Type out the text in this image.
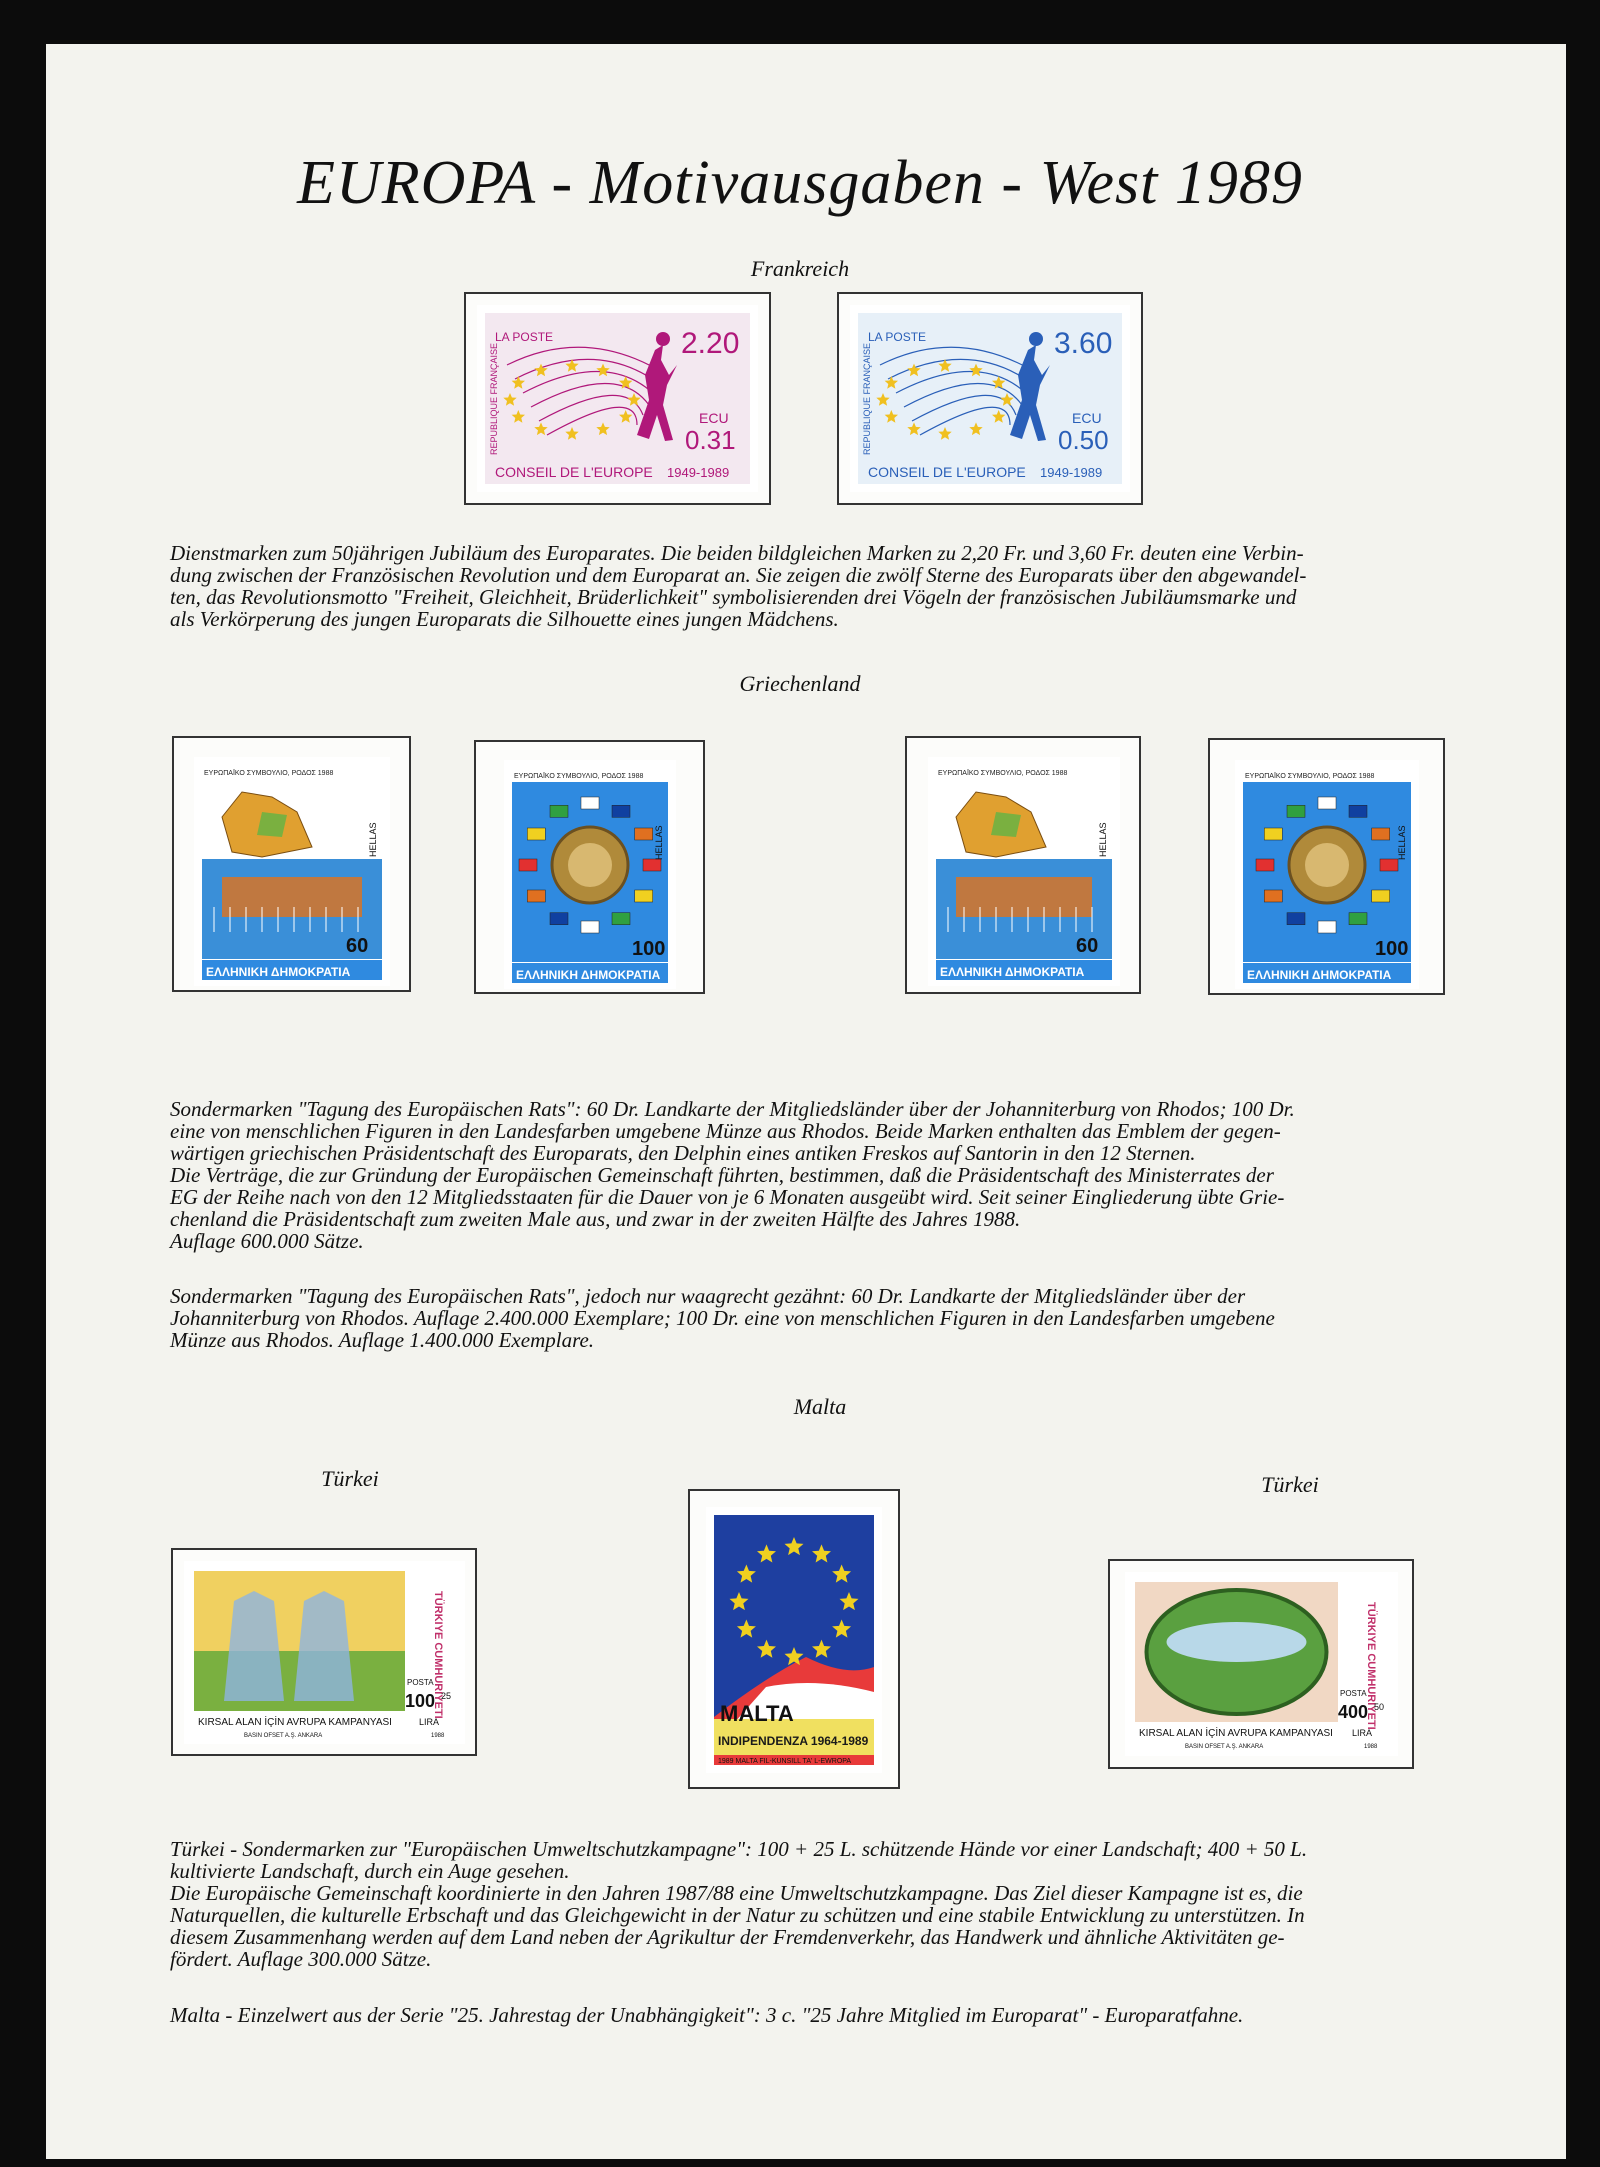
EUROPA - Motivausgaben - West 1989
Frankreich
LA POSTE
REPUBLIQUE FRANÇAISE	2.20
ECU
0.31
CONSEIL DE L'EUROPE 1949-1989
LA POSTE
REPUBLIQUE FRANÇAISE	3.60
ECU
0.50
CONSEIL DE L'EUROPE 1949-1989
Dienstmarken zum 50jährigen Jubiläum des Europarates. Die beiden bildgleichen Marken zu 2,20 Fr. und 3,60 Fr. deuten eine Verbin-
dung zwischen der Französischen Revolution und dem Europarat an. Sie zeigen die zwölf Sterne des Europarats über den abgewandel-
ten, das Revolutionsmotto "Freiheit, Gleichheit, Brüderlichkeit" symbolisierenden drei Vögeln der französischen Jubiläumsmarke und
als Verkörperung des jungen Europarats die Silhouette eines jungen Mädchens.
Griechenland
ΕΥΡΩΠΑΪΚΟ ΣΥΜΒΟΥΛΙΟ, ΡΟΔΟΣ 1988
ΕΛΛΗΝΙΚΗ ΔΗΜΟΚΡΑΤΙΑ
60
HELLAS
ΕΥΡΩΠΑΪΚΟ ΣΥΜΒΟΥΛΙΟ, ΡΟΔΟΣ 1988
ΕΛΛΗΝΙΚΗ ΔΗΜΟΚΡΑΤΙΑ
100
HELLAS
ΕΥΡΩΠΑΪΚΟ ΣΥΜΒΟΥΛΙΟ, ΡΟΔΟΣ 1988
ΕΛΛΗΝΙΚΗ ΔΗΜΟΚΡΑΤΙΑ
60
HELLAS
ΕΥΡΩΠΑΪΚΟ ΣΥΜΒΟΥΛΙΟ, ΡΟΔΟΣ 1988
ΕΛΛΗΝΙΚΗ ΔΗΜΟΚΡΑΤΙΑ
100
HELLAS
Sondermarken "Tagung des Europäischen Rats": 60 Dr. Landkarte der Mitgliedsländer über der Johanniterburg von Rhodos; 100 Dr.
eine von menschlichen Figuren in den Landesfarben umgebene Münze aus Rhodos. Beide Marken enthalten das Emblem der gegen-
wärtigen griechischen Präsidentschaft des Europarats, den Delphin eines antiken Freskos auf Santorin in den 12 Sternen.
Die Verträge, die zur Gründung der Europäischen Gemeinschaft führten, bestimmen, daß die Präsidentschaft des Ministerrates der
EG der Reihe nach von den 12 Mitgliedsstaaten für die Dauer von je 6 Monaten ausgeübt wird. Seit seiner Eingliederung übte Grie-
chenland die Präsidentschaft zum zweiten Male aus, und zwar in der zweiten Hälfte des Jahres 1988.
Auflage 600.000 Sätze.
Sondermarken "Tagung des Europäischen Rats", jedoch nur waagrecht gezähnt: 60 Dr. Landkarte der Mitgliedsländer über der
Johanniterburg von Rhodos. Auflage 2.400.000 Exemplare; 100 Dr. eine von menschlichen Figuren in den Landesfarben umgebene
Münze aus Rhodos. Auflage 1.400.000 Exemplare.
Malta
Türkei	Türkei
KIRSAL ALAN İÇİN AVRUPA KAMPANYASI
BASIN OFSET A.Ş. ANKARA	1988
TÜRKIYE CUMHURIYETI
POSTA
100 25
LIRA	MALTA 3c
INDIPENDENZA 1964-1989
1989 MALTA FIL-KUNSILL TA' L-EWROPA
KIRSAL ALAN İÇİN AVRUPA KAMPANYASI
BASIN OFSET A.Ş. ANKARA	1988
TÜRKIYE CUMHURIYETI
POSTA
400 50
LIRA
Türkei - Sondermarken zur "Europäischen Umweltschutzkampagne": 100 + 25 L. schützende Hände vor einer Landschaft; 400 + 50 L.
kultivierte Landschaft, durch ein Auge gesehen.
Die Europäische Gemeinschaft koordinierte in den Jahren 1987/88 eine Umweltschutzkampagne. Das Ziel dieser Kampagne ist es, die
Naturquellen, die kulturelle Erbschaft und das Gleichgewicht in der Natur zu schützen und eine stabile Entwicklung zu unterstützen. In
diesem Zusammenhang werden auf dem Land neben der Agrikultur der Fremdenverkehr, das Handwerk und ähnliche Aktivitäten ge-
fördert. Auflage 300.000 Sätze.
Malta - Einzelwert aus der Serie "25. Jahrestag der Unabhängigkeit": 3 c. "25 Jahre Mitglied im Europarat" - Europaratfahne.
